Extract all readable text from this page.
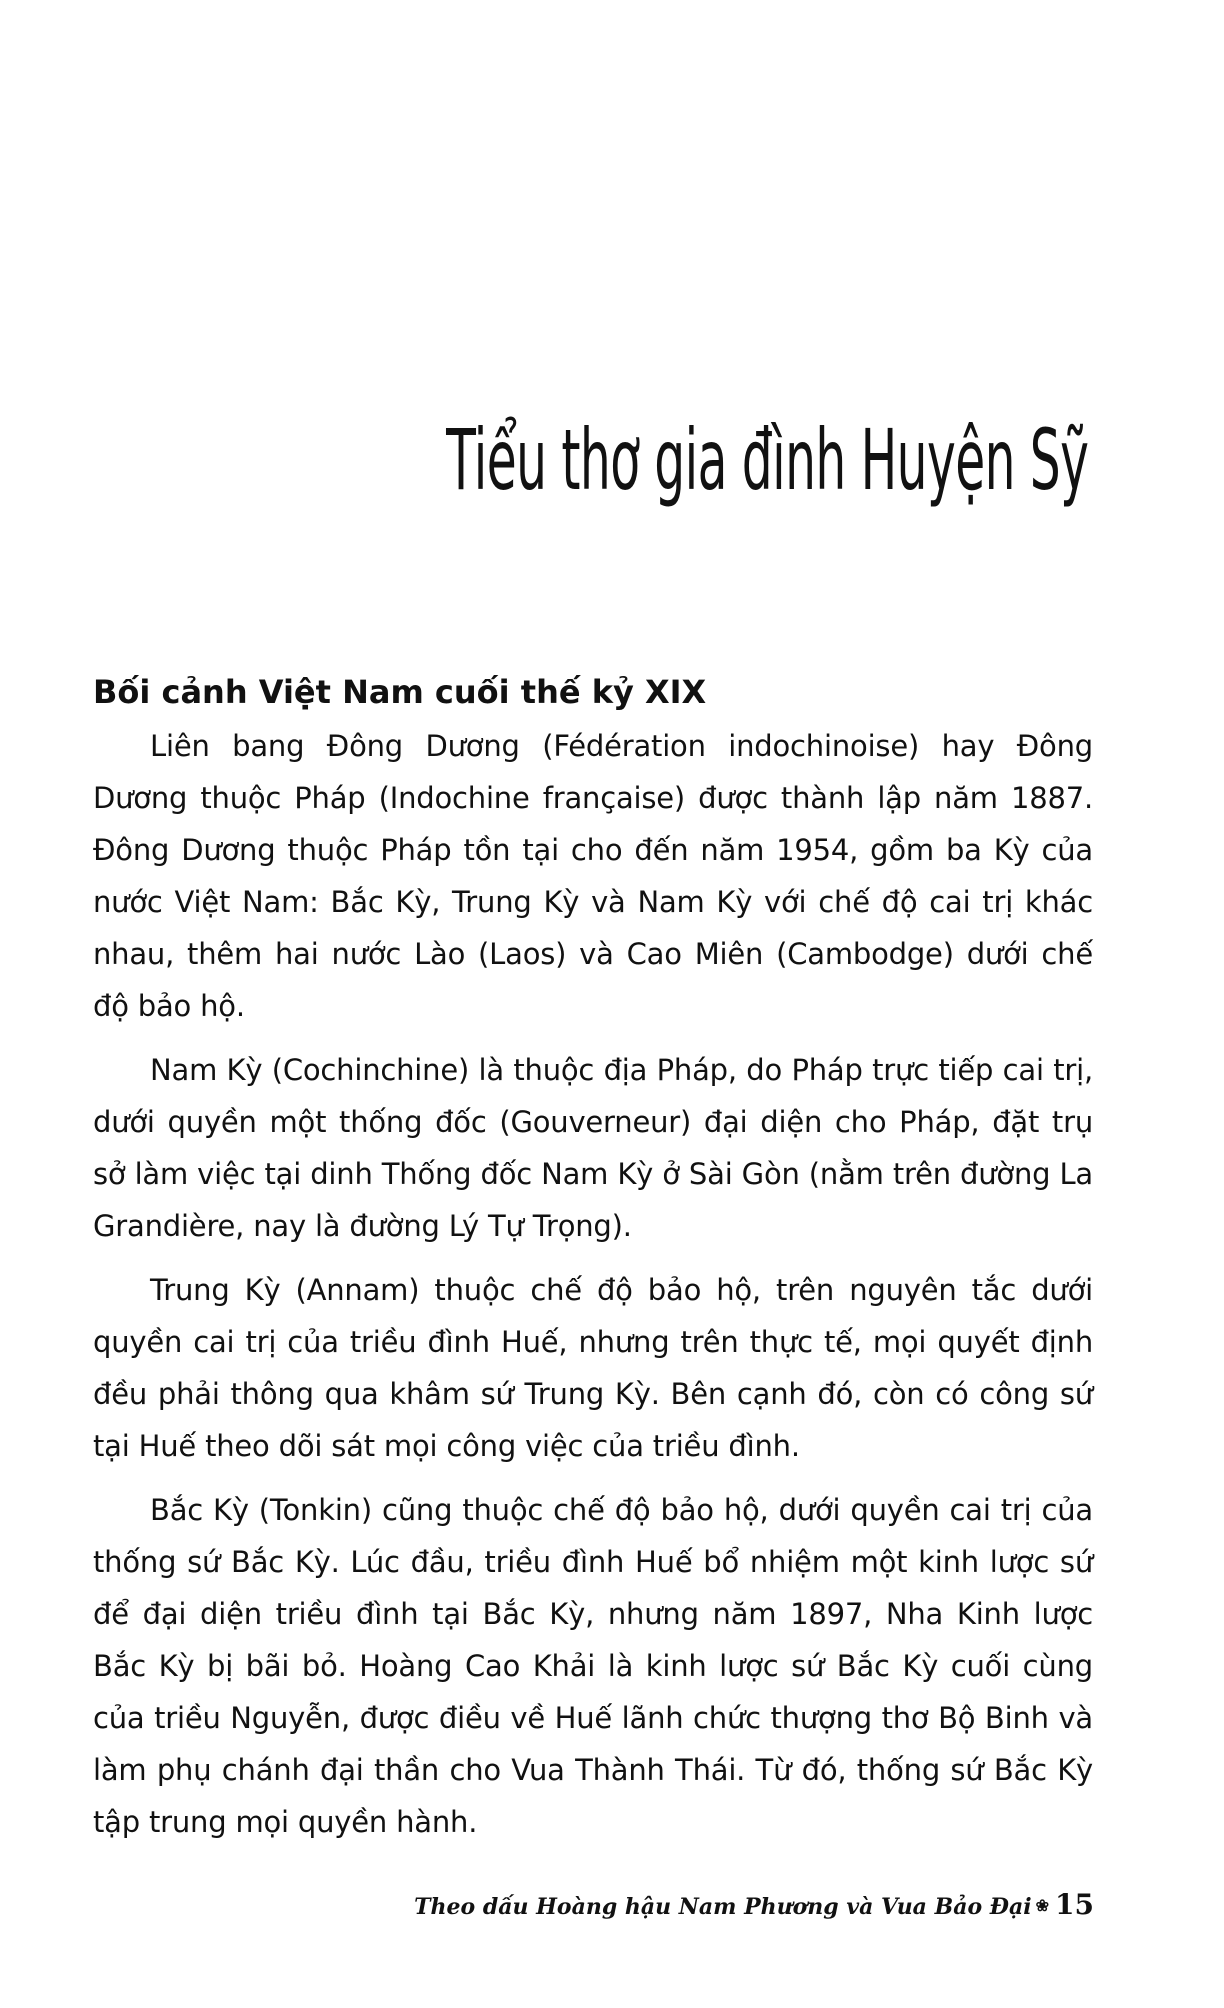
Tiểu thơ gia đình Huyện Sỹ
Bối cảnh Việt Nam cuối thế kỷ XIX

Liên bang Đông Dương (Fédération indochinoise) hay Đông Dương thuộc Pháp (Indochine française) được thành lập năm 1887. Đông Dương thuộc Pháp tồn tại cho đến năm 1954, gồm ba Kỳ của nước Việt Nam: Bắc Kỳ, Trung Kỳ và Nam Kỳ với chế độ cai trị khác nhau, thêm hai nước Lào (Laos) và Cao Miên (Cambodge) dưới chế độ bảo hộ.

Nam Kỳ (Cochinchine) là thuộc địa Pháp, do Pháp trực tiếp cai trị, dưới quyền một thống đốc (Gouverneur) đại diện cho Pháp, đặt trụ sở làm việc tại dinh Thống đốc Nam Kỳ ở Sài Gòn (nằm trên đường La Grandière, nay là đường Lý Tự Trọng).

Trung Kỳ (Annam) thuộc chế độ bảo hộ, trên nguyên tắc dưới quyền cai trị của triều đình Huế, nhưng trên thực tế, mọi quyết định đều phải thông qua khâm sứ Trung Kỳ. Bên cạnh đó, còn có công sứ tại Huế theo dõi sát mọi công việc của triều đình.

Bắc Kỳ (Tonkin) cũng thuộc chế độ bảo hộ, dưới quyền cai trị của thống sứ Bắc Kỳ. Lúc đầu, triều đình Huế bổ nhiệm một kinh lược sứ để đại diện triều đình tại Bắc Kỳ, nhưng năm 1897, Nha Kinh lược Bắc Kỳ bị bãi bỏ. Hoàng Cao Khải là kinh lược sứ Bắc Kỳ cuối cùng của triều Nguyễn, được điều về Huế lãnh chức thượng thơ Bộ Binh và làm phụ chánh đại thần cho Vua Thành Thái. Từ đó, thống sứ Bắc Kỳ tập trung mọi quyền hành.

Theo dấu Hoàng hậu Nam Phương và Vua Bảo Đại ❀ 15
